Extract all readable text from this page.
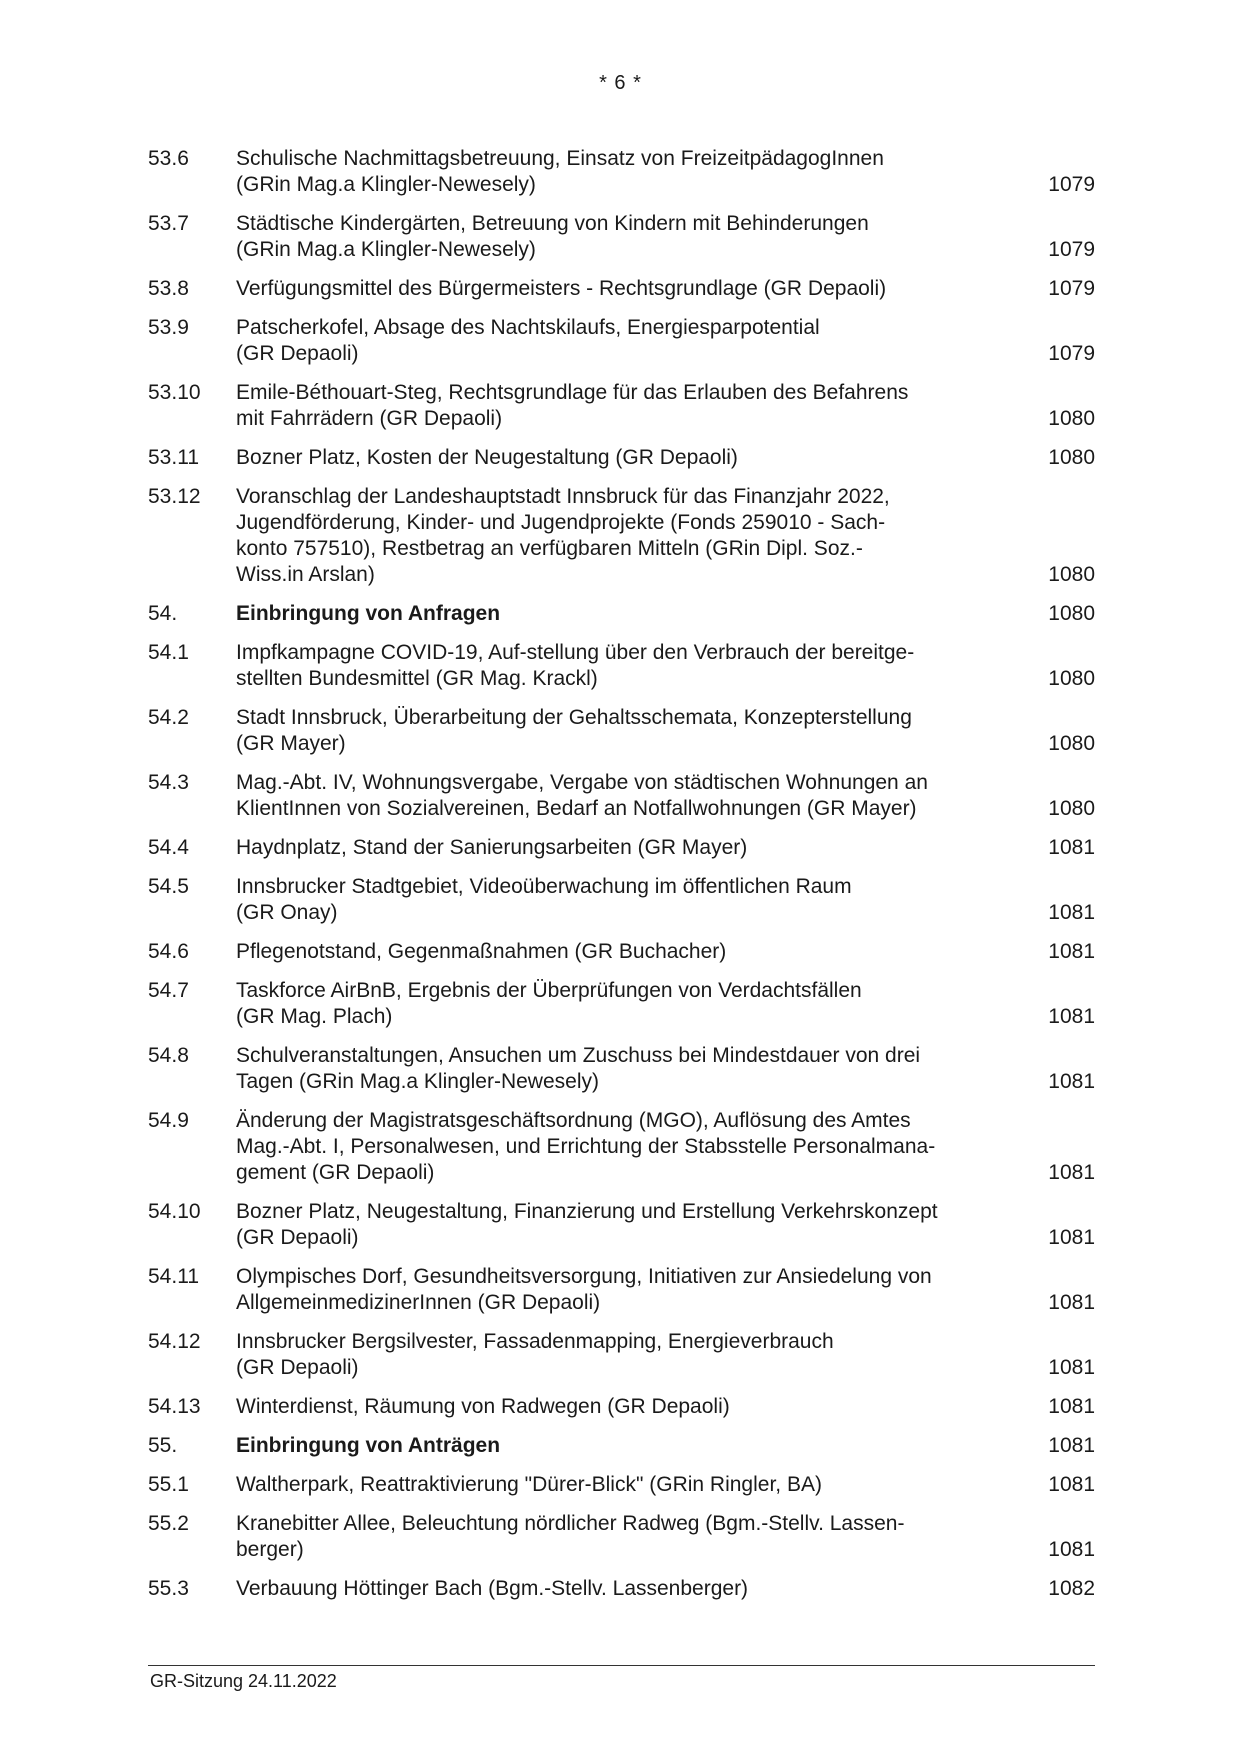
* 6 *
53.6	Schulische Nachmittagsbetreuung, Einsatz von FreizeitpädagogInnen
(GRin Mag.a Klingler-Newesely)	1079
53.7	Städtische Kindergärten, Betreuung von Kindern mit Behinderungen
(GRin Mag.a Klingler-Newesely)	1079
53.8	Verfügungsmittel des Bürgermeisters - Rechtsgrundlage (GR Depaoli)	1079
53.9	Patscherkofel, Absage des Nachtskilaufs, Energiesparpotential
(GR Depaoli)	1079
53.10	Emile-Béthouart-Steg, Rechtsgrundlage für das Erlauben des Befahrens
mit Fahrrädern (GR Depaoli)	1080
53.11	Bozner Platz, Kosten der Neugestaltung (GR Depaoli)	1080
53.12	Voranschlag der Landeshauptstadt Innsbruck für das Finanzjahr 2022,
Jugendförderung, Kinder- und Jugendprojekte (Fonds 259010 - Sach-
konto 757510), Restbetrag an verfügbaren Mitteln (GRin Dipl. Soz.-
Wiss.in Arslan)	1080
54.	Einbringung von Anfragen	1080
54.1	Impfkampagne COVID-19, Auf-stellung über den Verbrauch der bereitge-
stellten Bundesmittel (GR Mag. Krackl)	1080
54.2	Stadt Innsbruck, Überarbeitung der Gehaltsschemata, Konzepterstellung
(GR Mayer)	1080
54.3	Mag.-Abt. IV, Wohnungsvergabe, Vergabe von städtischen Wohnungen an
KlientInnen von Sozialvereinen, Bedarf an Notfallwohnungen (GR Mayer)	1080
54.4	Haydnplatz, Stand der Sanierungsarbeiten (GR Mayer)	1081
54.5	Innsbrucker Stadtgebiet, Videoüberwachung im öffentlichen Raum
(GR Onay)	1081
54.6	Pflegenotstand, Gegenmaßnahmen (GR Buchacher)	1081
54.7	Taskforce AirBnB, Ergebnis der Überprüfungen von Verdachtsfällen
(GR Mag. Plach)	1081
54.8	Schulveranstaltungen, Ansuchen um Zuschuss bei Mindestdauer von drei
Tagen (GRin Mag.a Klingler-Newesely)	1081
54.9	Änderung der Magistratsgeschäftsordnung (MGO), Auflösung des Amtes
Mag.-Abt. I, Personalwesen, und Errichtung der Stabsstelle Personalmana-
gement (GR Depaoli)	1081
54.10	Bozner Platz, Neugestaltung, Finanzierung und Erstellung Verkehrskonzept
(GR Depaoli)	1081
54.11	Olympisches Dorf, Gesundheitsversorgung, Initiativen zur Ansiedelung von
AllgemeinmedizinerInnen (GR Depaoli)	1081
54.12	Innsbrucker Bergsilvester, Fassadenmapping, Energieverbrauch
(GR Depaoli)	1081
54.13	Winterdienst, Räumung von Radwegen (GR Depaoli)	1081
55.	Einbringung von Anträgen	1081
55.1	Waltherpark, Reattraktivierung "Dürer-Blick" (GRin Ringler, BA)	1081
55.2	Kranebitter Allee, Beleuchtung nördlicher Radweg (Bgm.-Stellv. Lassen-
berger)	1081
55.3	Verbauung Höttinger Bach (Bgm.-Stellv. Lassenberger)	1082
GR-Sitzung 24.11.2022
